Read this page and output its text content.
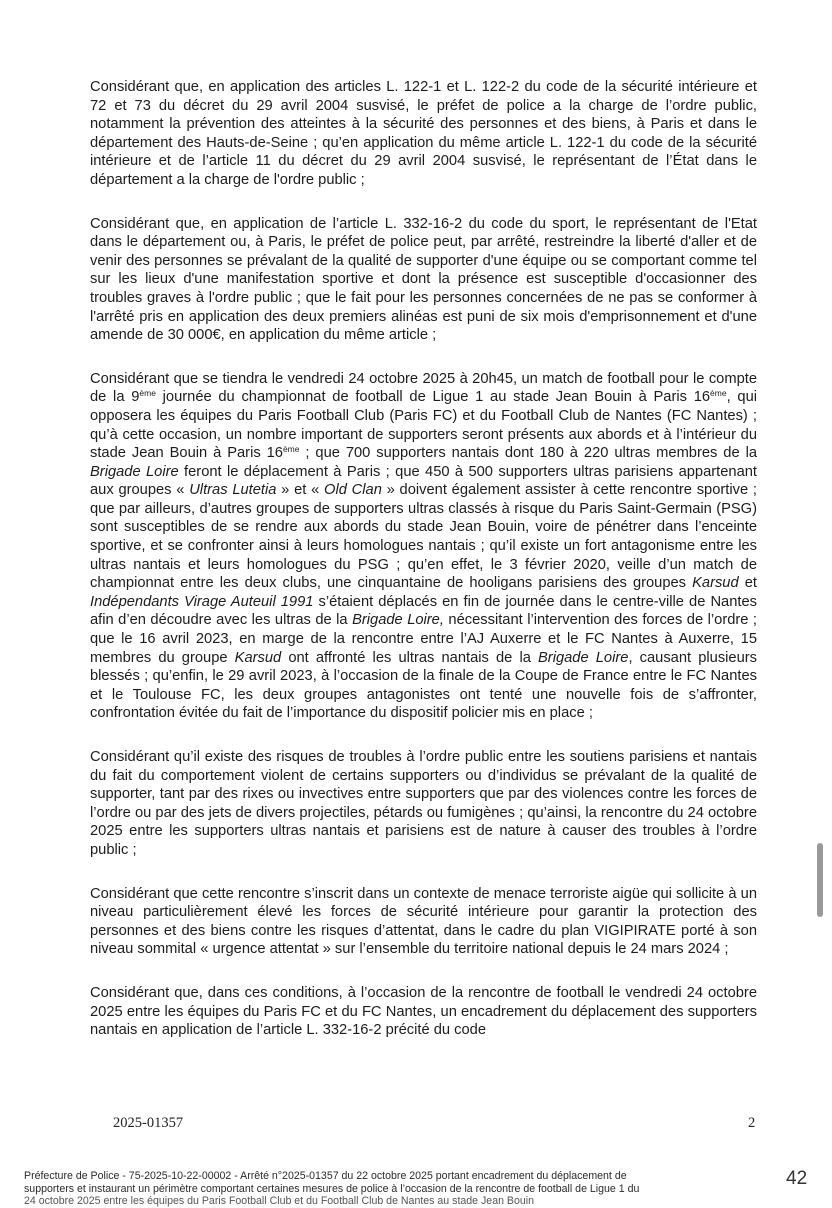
Considérant que, en application des articles L. 122-1 et L. 122-2 du code de la sécurité intérieure et 72 et 73 du décret du 29 avril 2004 susvisé, le préfet de police a la charge de l’ordre public, notamment la prévention des atteintes à la sécurité des personnes et des biens, à Paris et dans le département des Hauts-de-Seine ; qu’en application du même article L. 122-1 du code de la sécurité intérieure et de l’article 11 du décret du 29 avril 2004 susvisé, le représentant de l’État dans le département a la charge de l'ordre public ;

Considérant que, en application de l’article L. 332-16-2 du code du sport, le représentant de l'Etat dans le département ou, à Paris, le préfet de police peut, par arrêté, restreindre la liberté d'aller et de venir des personnes se prévalant de la qualité de supporter d'une équipe ou se comportant comme tel sur les lieux d'une manifestation sportive et dont la présence est susceptible d'occasionner des troubles graves à l'ordre public ; que le fait pour les personnes concernées de ne pas se conformer à l'arrêté pris en application des deux premiers alinéas est puni de six mois d'emprisonnement et d'une amende de 30 000€, en application du même article ;

Considérant que se tiendra le vendredi 24 octobre 2025 à 20h45, un match de football pour le compte de la 9ème journée du championnat de football de Ligue 1 au stade Jean Bouin à Paris 16ème, qui opposera les équipes du Paris Football Club (Paris FC) et du Football Club de Nantes (FC Nantes) ; qu’à cette occasion, un nombre important de supporters seront présents aux abords et à l’intérieur du stade Jean Bouin à Paris 16ème ; que 700 supporters nantais dont 180 à 220 ultras membres de la Brigade Loire feront le déplacement à Paris ; que 450 à 500 supporters ultras parisiens appartenant aux groupes « Ultras Lutetia » et « Old Clan » doivent également assister à cette rencontre sportive ; que par ailleurs, d’autres groupes de supporters ultras classés à risque du Paris Saint-Germain (PSG) sont susceptibles de se rendre aux abords du stade Jean Bouin, voire de pénétrer dans l’enceinte sportive, et se confronter ainsi à leurs homologues nantais ; qu’il existe un fort antagonisme entre les ultras nantais et leurs homologues du PSG ; qu’en effet, le 3 février 2020, veille d’un match de championnat entre les deux clubs, une cinquantaine de hooligans parisiens des groupes Karsud et Indépendants Virage Auteuil 1991 s’étaient déplacés en fin de journée dans le centre-ville de Nantes afin d’en découdre avec les ultras de la Brigade Loire, nécessitant l’intervention des forces de l’ordre ; que le 16 avril 2023, en marge de la rencontre entre l’AJ Auxerre et le FC Nantes à Auxerre, 15 membres du groupe Karsud ont affronté les ultras nantais de la Brigade Loire, causant plusieurs blessés ; qu’enfin, le 29 avril 2023, à l’occasion de la finale de la Coupe de France entre le FC Nantes et le Toulouse FC, les deux groupes antagonistes ont tenté une nouvelle fois de s’affronter, confrontation évitée du fait de l’importance du dispositif policier mis en place ;

Considérant qu’il existe des risques de troubles à l’ordre public entre les soutiens parisiens et nantais du fait du comportement violent de certains supporters ou d’individus se prévalant de la qualité de supporter, tant par des rixes ou invectives entre supporters que par des violences contre les forces de l’ordre ou par des jets de divers projectiles, pétards ou fumigènes ; qu’ainsi, la rencontre du 24 octobre 2025 entre les supporters ultras nantais et parisiens est de nature à causer des troubles à l’ordre public ;

Considérant que cette rencontre s’inscrit dans un contexte de menace terroriste aigüe qui sollicite à un niveau particulièrement élevé les forces de sécurité intérieure pour garantir la protection des personnes et des biens contre les risques d’attentat, dans le cadre du plan VIGIPIRATE porté à son niveau sommital « urgence attentat » sur l’ensemble du territoire national depuis le 24 mars 2024 ;

Considérant que, dans ces conditions, à l’occasion de la rencontre de football le vendredi 24 octobre 2025 entre les équipes du Paris FC et du FC Nantes, un encadrement du déplacement des supporters nantais en application de l’article L. 332-16-2 précité du code

2025-01357	2
Préfecture de Police - 75-2025-10-22-00002 - Arrêté n°2025-01357 du 22 octobre 2025 portant encadrement du déplacement de
supporters et instaurant un périmètre comportant certaines mesures de police à l’occasion de la rencontre de football de Ligue 1 du
24 octobre 2025 entre les équipes du Paris Football Club et du Football Club de Nantes au stade Jean Bouin
42
